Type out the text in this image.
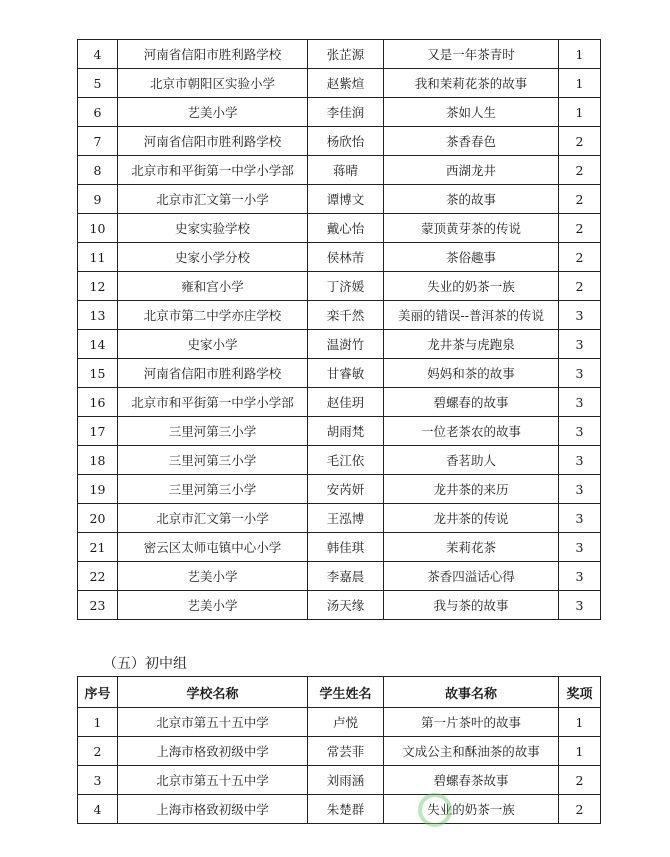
4	河南省信阳市胜利路学校	张芷源	又是一年茶青时	1
5	北京市朝阳区实验小学	赵紫煊	我和茉莉花茶的故事	1
6	艺美小学	李佳润	茶如人生	1
7	河南省信阳市胜利路学校	杨欣怡	茶香春色	2
8	北京市和平街第一中学小学部	蒋晴	西湖龙井	2
9	北京市汇文第一小学	谭博文	茶的故事	2
10	史家实验学校	戴心怡	蒙顶黄芽茶的传说	2
11	史家小学分校	侯林芾	茶俗趣事	2
12	雍和宫小学	丁济媛	失业的奶茶一族	2
13	北京市第二中学亦庄学校	栾千然	美丽的错误--普洱茶的传说	3
14	史家小学	温澍竹	龙井茶与虎跑泉	3
15	河南省信阳市胜利路学校	甘睿敏	妈妈和茶的故事	3
16	北京市和平街第一中学小学部	赵佳玥	碧螺春的故事	3
17	三里河第三小学	胡雨梵	一位老茶农的故事	3
18	三里河第三小学	毛江依	香茗助人	3
19	三里河第三小学	安芮妍	龙井茶的来历	3
20	北京市汇文第一小学	王泓博	龙井茶的传说	3
21	密云区太师屯镇中心小学	韩佳琪	茉莉花茶	3
22	艺美小学	李嘉晨	茶香四溢话心得	3
23	艺美小学	汤天缘	我与茶的故事	3
（五）初中组
序号	学校名称	学生姓名	故事名称	奖项
1	北京市第五十五中学	卢悦	第一片茶叶的故事	1
2	上海市格致初级中学	常芸菲	文成公主和酥油茶的故事	1
3	北京市第五十五中学	刘雨涵	碧螺春茶故事	2
4	上海市格致初级中学	朱楚群	失业的奶茶一族	2
